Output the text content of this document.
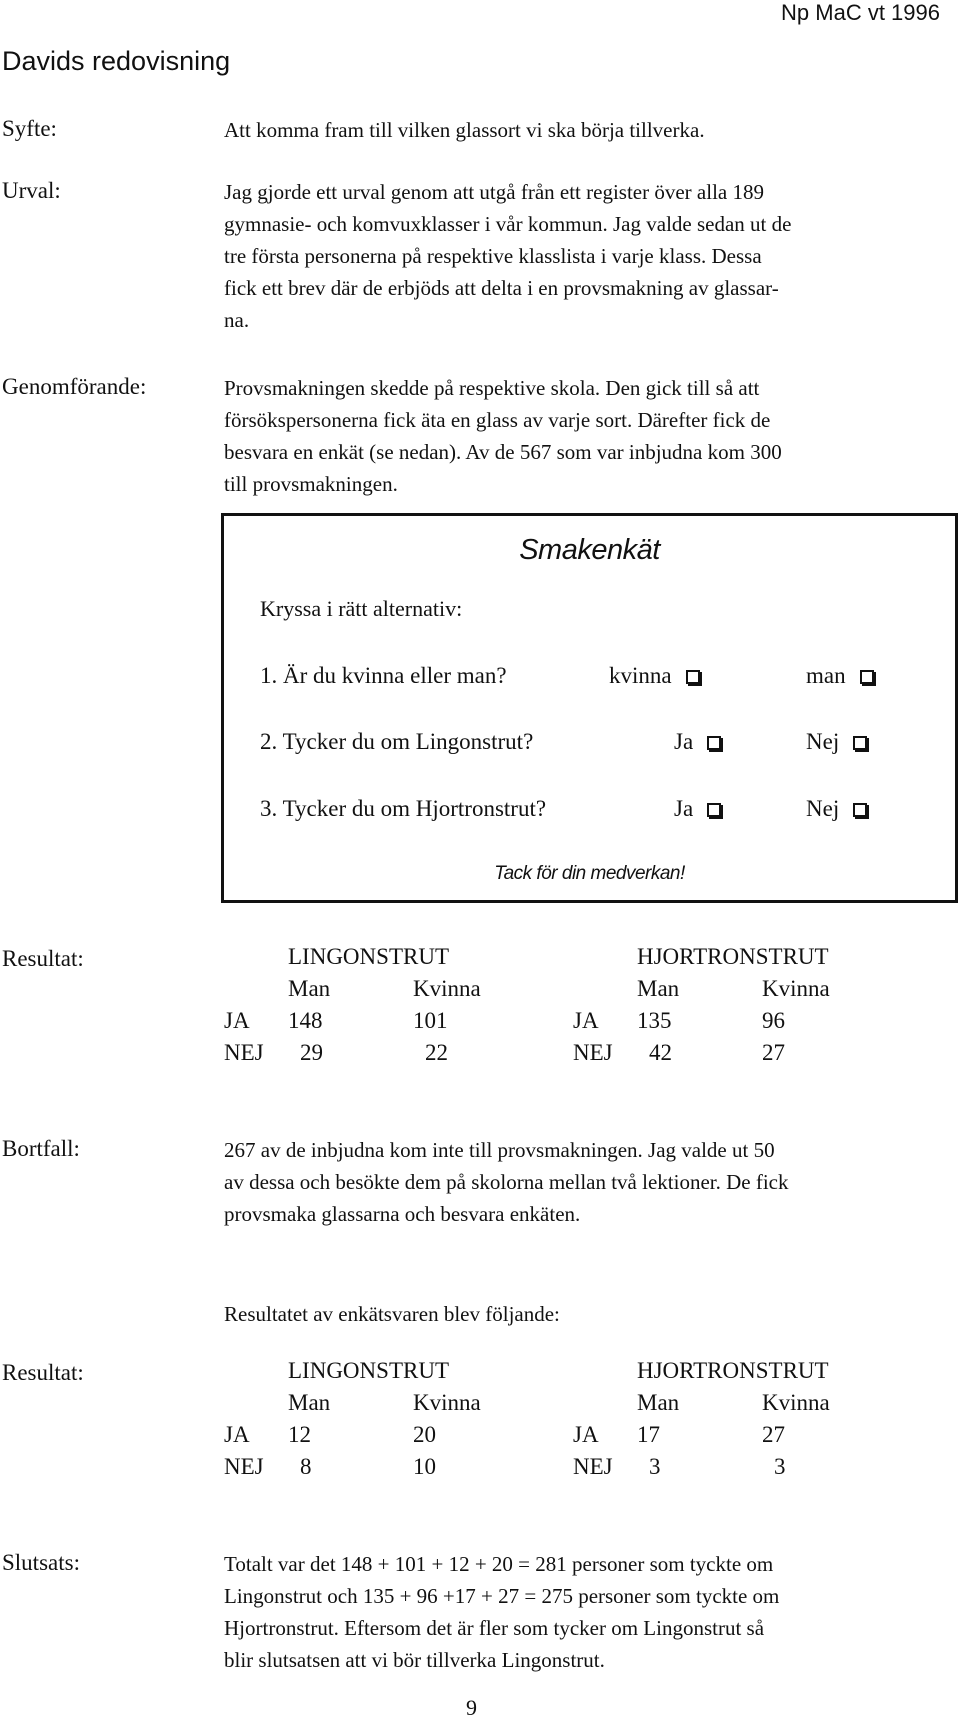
Np MaC vt 1996
Davids redovisning
Syfte:	Att komma fram till vilken glassort vi ska börja tillverka.
Urval:	Jag gjorde ett urval genom att utgå från ett register över alla 189
gymnasie- och komvuxklasser i vår kommun. Jag valde sedan ut de
tre första personerna på respektive klasslista i varje klass. Dessa
fick ett brev där de erbjöds att delta i en provsmakning av glassar-
na.
Genomförande:	Provsmakningen skedde på respektive skola. Den gick till så att
försökspersonerna fick äta en glass av varje sort. Därefter fick de
besvara en enkät (se nedan). Av de 567 som var inbjudna kom 300
till provsmakningen.
Smakenkät
Kryssa i rätt alternativ:
1. Är du kvinna eller man?	kvinna	man
2. Tycker du om Lingonstrut?	Ja	Nej
3. Tycker du om Hjortronstrut?	Ja	Nej
Tack för din medverkan!
Resultat:	LINGONSTRUT	HJORTRONSTRUT
Man	Kvinna	Man	Kvinna
JA 148	101	JA 135	96
NEJ 29	22	NEJ 42	27
Bortfall:	267 av de inbjudna kom inte till provsmakningen. Jag valde ut 50
av dessa och besökte dem på skolorna mellan två lektioner. De fick
provsmaka glassarna och besvara enkäten.
Resultatet av enkätsvaren blev följande:
Resultat:	LINGONSTRUT	HJORTRONSTRUT
Man	Kvinna	Man	Kvinna
JA 12	20	JA 17	27
NEJ 8	10	NEJ 3	3
Slutsats:	Totalt var det 148 + 101 + 12 + 20 = 281 personer som tyckte om
Lingonstrut och 135 + 96 +17 + 27 = 275 personer som tyckte om
Hjortronstrut. Eftersom det är fler som tycker om Lingonstrut så
blir slutsatsen att vi bör tillverka Lingonstrut.
9
